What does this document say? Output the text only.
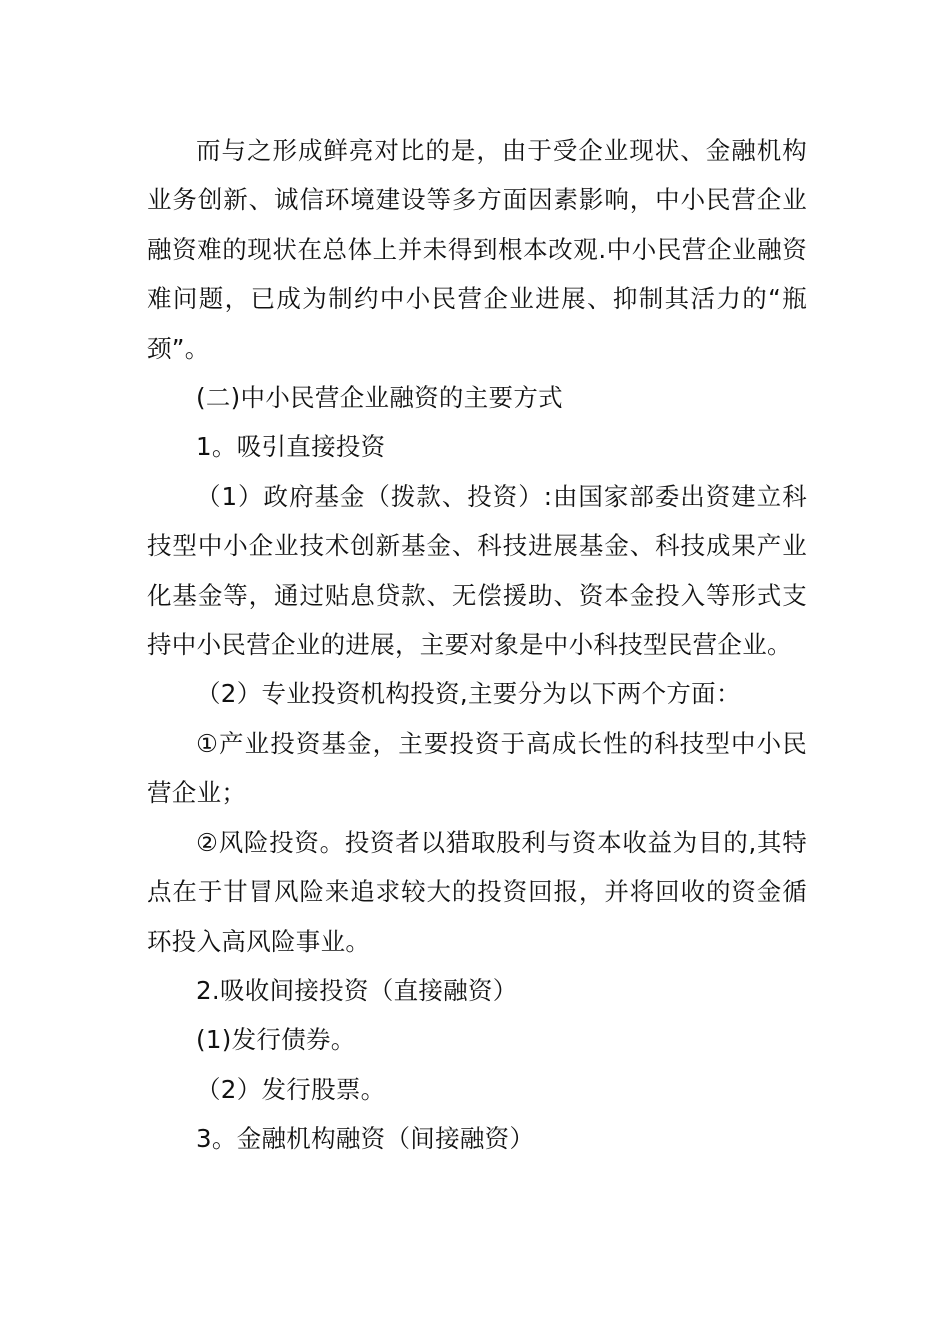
而与之形成鲜亮对比的是，由于受企业现状、金融机构业务创新、诚信环境建设等多方面因素影响，中小民营企业融资难的现状在总体上并未得到根本改观.中小民营企业融资难问题，已成为制约中小民营企业进展、抑制其活力的“瓶颈”。

(二)中小民营企业融资的主要方式

1。吸引直接投资

（1）政府基金（拨款、投资）:由国家部委出资建立科技型中小企业技术创新基金、科技进展基金、科技成果产业化基金等，通过贴息贷款、无偿援助、资本金投入等形式支持中小民营企业的进展，主要对象是中小科技型民营企业。

（2）专业投资机构投资,主要分为以下两个方面：

①产业投资基金，主要投资于高成长性的科技型中小民营企业；

②风险投资。投资者以猎取股利与资本收益为目的,其特点在于甘冒风险来追求较大的投资回报，并将回收的资金循环投入高风险事业。

2.吸收间接投资（直接融资）

(1)发行债券。

（2）发行股票。

3。金融机构融资（间接融资）
